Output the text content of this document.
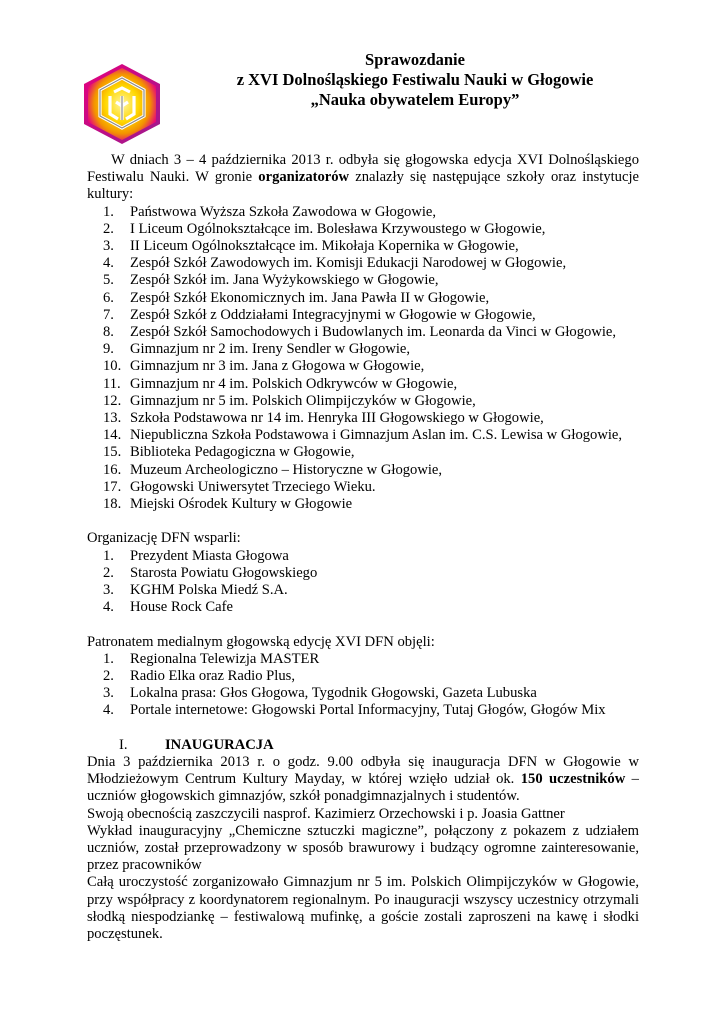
Sprawozdanie
z XVI Dolnośląskiego Festiwalu Nauki w Głogowie
„Nauka obywatelem Europy”

W dniach 3 – 4 października 2013 r. odbyła się głogowska edycja XVI Dolnośląskiego Festiwalu Nauki. W gronie organizatorów znalazły się następujące szkoły oraz instytucje kultury:

1.	Państwowa Wyższa Szkoła Zawodowa w Głogowie,
2.	I Liceum Ogólnokształcące im. Bolesława Krzywoustego w Głogowie,
3.	II Liceum Ogólnokształcące im. Mikołaja Kopernika w Głogowie,
4.	Zespół Szkół Zawodowych im. Komisji Edukacji Narodowej w Głogowie,
5.	Zespół Szkół im. Jana Wyżykowskiego w Głogowie,
6.	Zespół Szkół Ekonomicznych im. Jana Pawła II w Głogowie,
7.	Zespół Szkół z Oddziałami Integracyjnymi w Głogowie w Głogowie,
8.	Zespół Szkół Samochodowych i Budowlanych im. Leonarda da Vinci w Głogowie,
9.	Gimnazjum nr 2 im. Ireny Sendler w Głogowie,
10. Gimnazjum nr 3 im. Jana z Głogowa w Głogowie,
11. Gimnazjum nr 4 im. Polskich Odkrywców w Głogowie,
12. Gimnazjum nr 5 im. Polskich Olimpijczyków w Głogowie,
13. Szkoła Podstawowa nr 14 im. Henryka III Głogowskiego w Głogowie,
14. Niepubliczna Szkoła Podstawowa i Gimnazjum Aslan im. C.S. Lewisa w Głogowie,
15. Biblioteka Pedagogiczna w Głogowie,
16. Muzeum Archeologiczno – Historyczne w Głogowie,
17. Głogowski Uniwersytet Trzeciego Wieku.
18. Miejski Ośrodek Kultury w Głogowie

Organizację DFN wsparli:

1.	Prezydent Miasta Głogowa
2.	Starosta Powiatu Głogowskiego
3.	KGHM Polska Miedź S.A.
4.	House Rock Cafe

Patronatem medialnym głogowską edycję XVI DFN objęli:

1.	Regionalna Telewizja MASTER
2.	Radio Elka oraz Radio Plus,
3.	Lokalna prasa: Głos Głogowa, Tygodnik Głogowski, Gazeta Lubuska
4.	Portale internetowe: Głogowski Portal Informacyjny, Tutaj Głogów, Głogów Mix

I.	INAUGURACJA

Dnia 3 października 2013 r. o godz. 9.00 odbyła się inauguracja DFN w Głogowie w Młodzieżowym Centrum Kultury Mayday, w której wzięło udział ok. 150 uczestników – uczniów głogowskich gimnazjów, szkół ponadgimnazjalnych i studentów.

Swoją obecnością zaszczycili nasprof. Kazimierz Orzechowski i p. Joasia Gattner

Wykład inauguracyjny „Chemiczne sztuczki magiczne”, połączony z pokazem z udziałem uczniów, został przeprowadzony w sposób brawurowy i budzący ogromne zainteresowanie, przez pracowników

Całą uroczystość zorganizowało Gimnazjum nr 5 im. Polskich Olimpijczyków w Głogowie, przy współpracy z koordynatorem regionalnym. Po inauguracji wszyscy uczestnicy otrzymali słodką niespodziankę – festiwalową mufinkę, a goście zostali zaproszeni na kawę i słodki poczęstunek.
